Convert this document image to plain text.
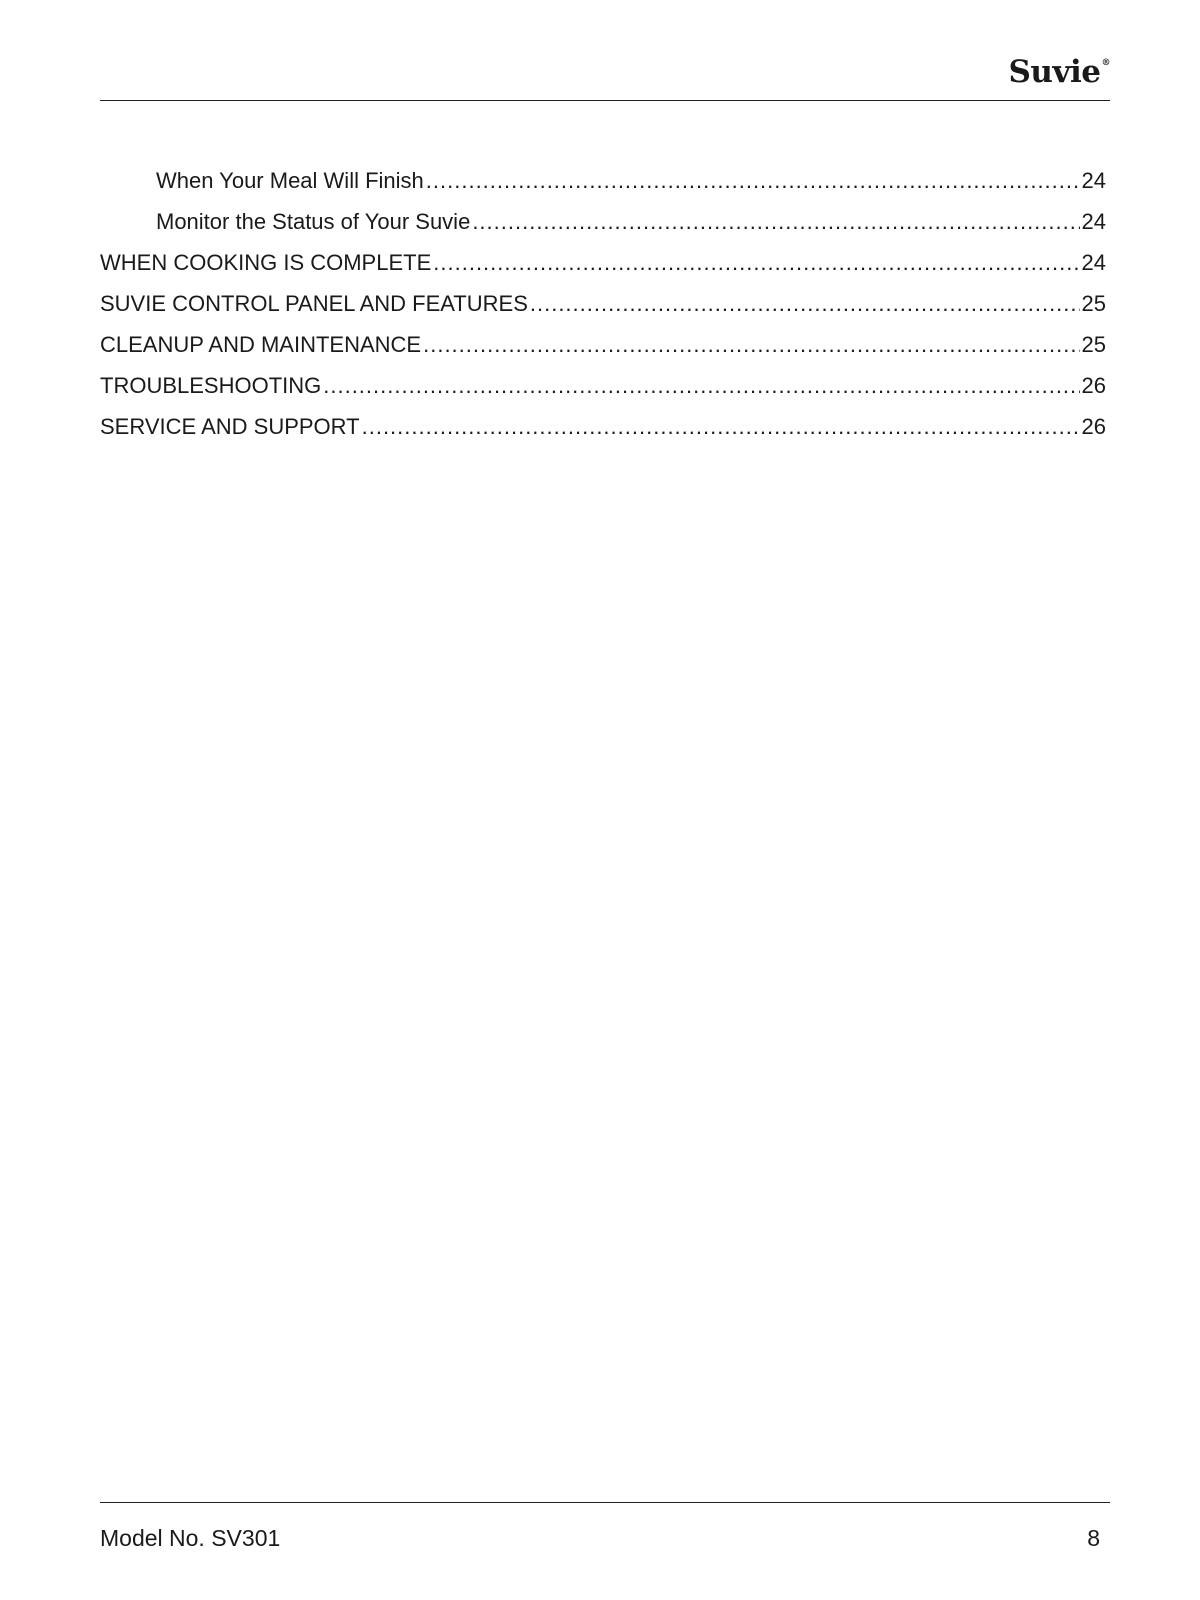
Suvie®
When Your Meal Will Finish .....	24
Monitor the Status of Your Suvie .....	24
WHEN COOKING IS COMPLETE .....	24
SUVIE CONTROL PANEL AND FEATURES .....	25
CLEANUP AND MAINTENANCE .....	25
TROUBLESHOOTING .....	26
SERVICE AND SUPPORT .....	26
Model No. SV301	8
